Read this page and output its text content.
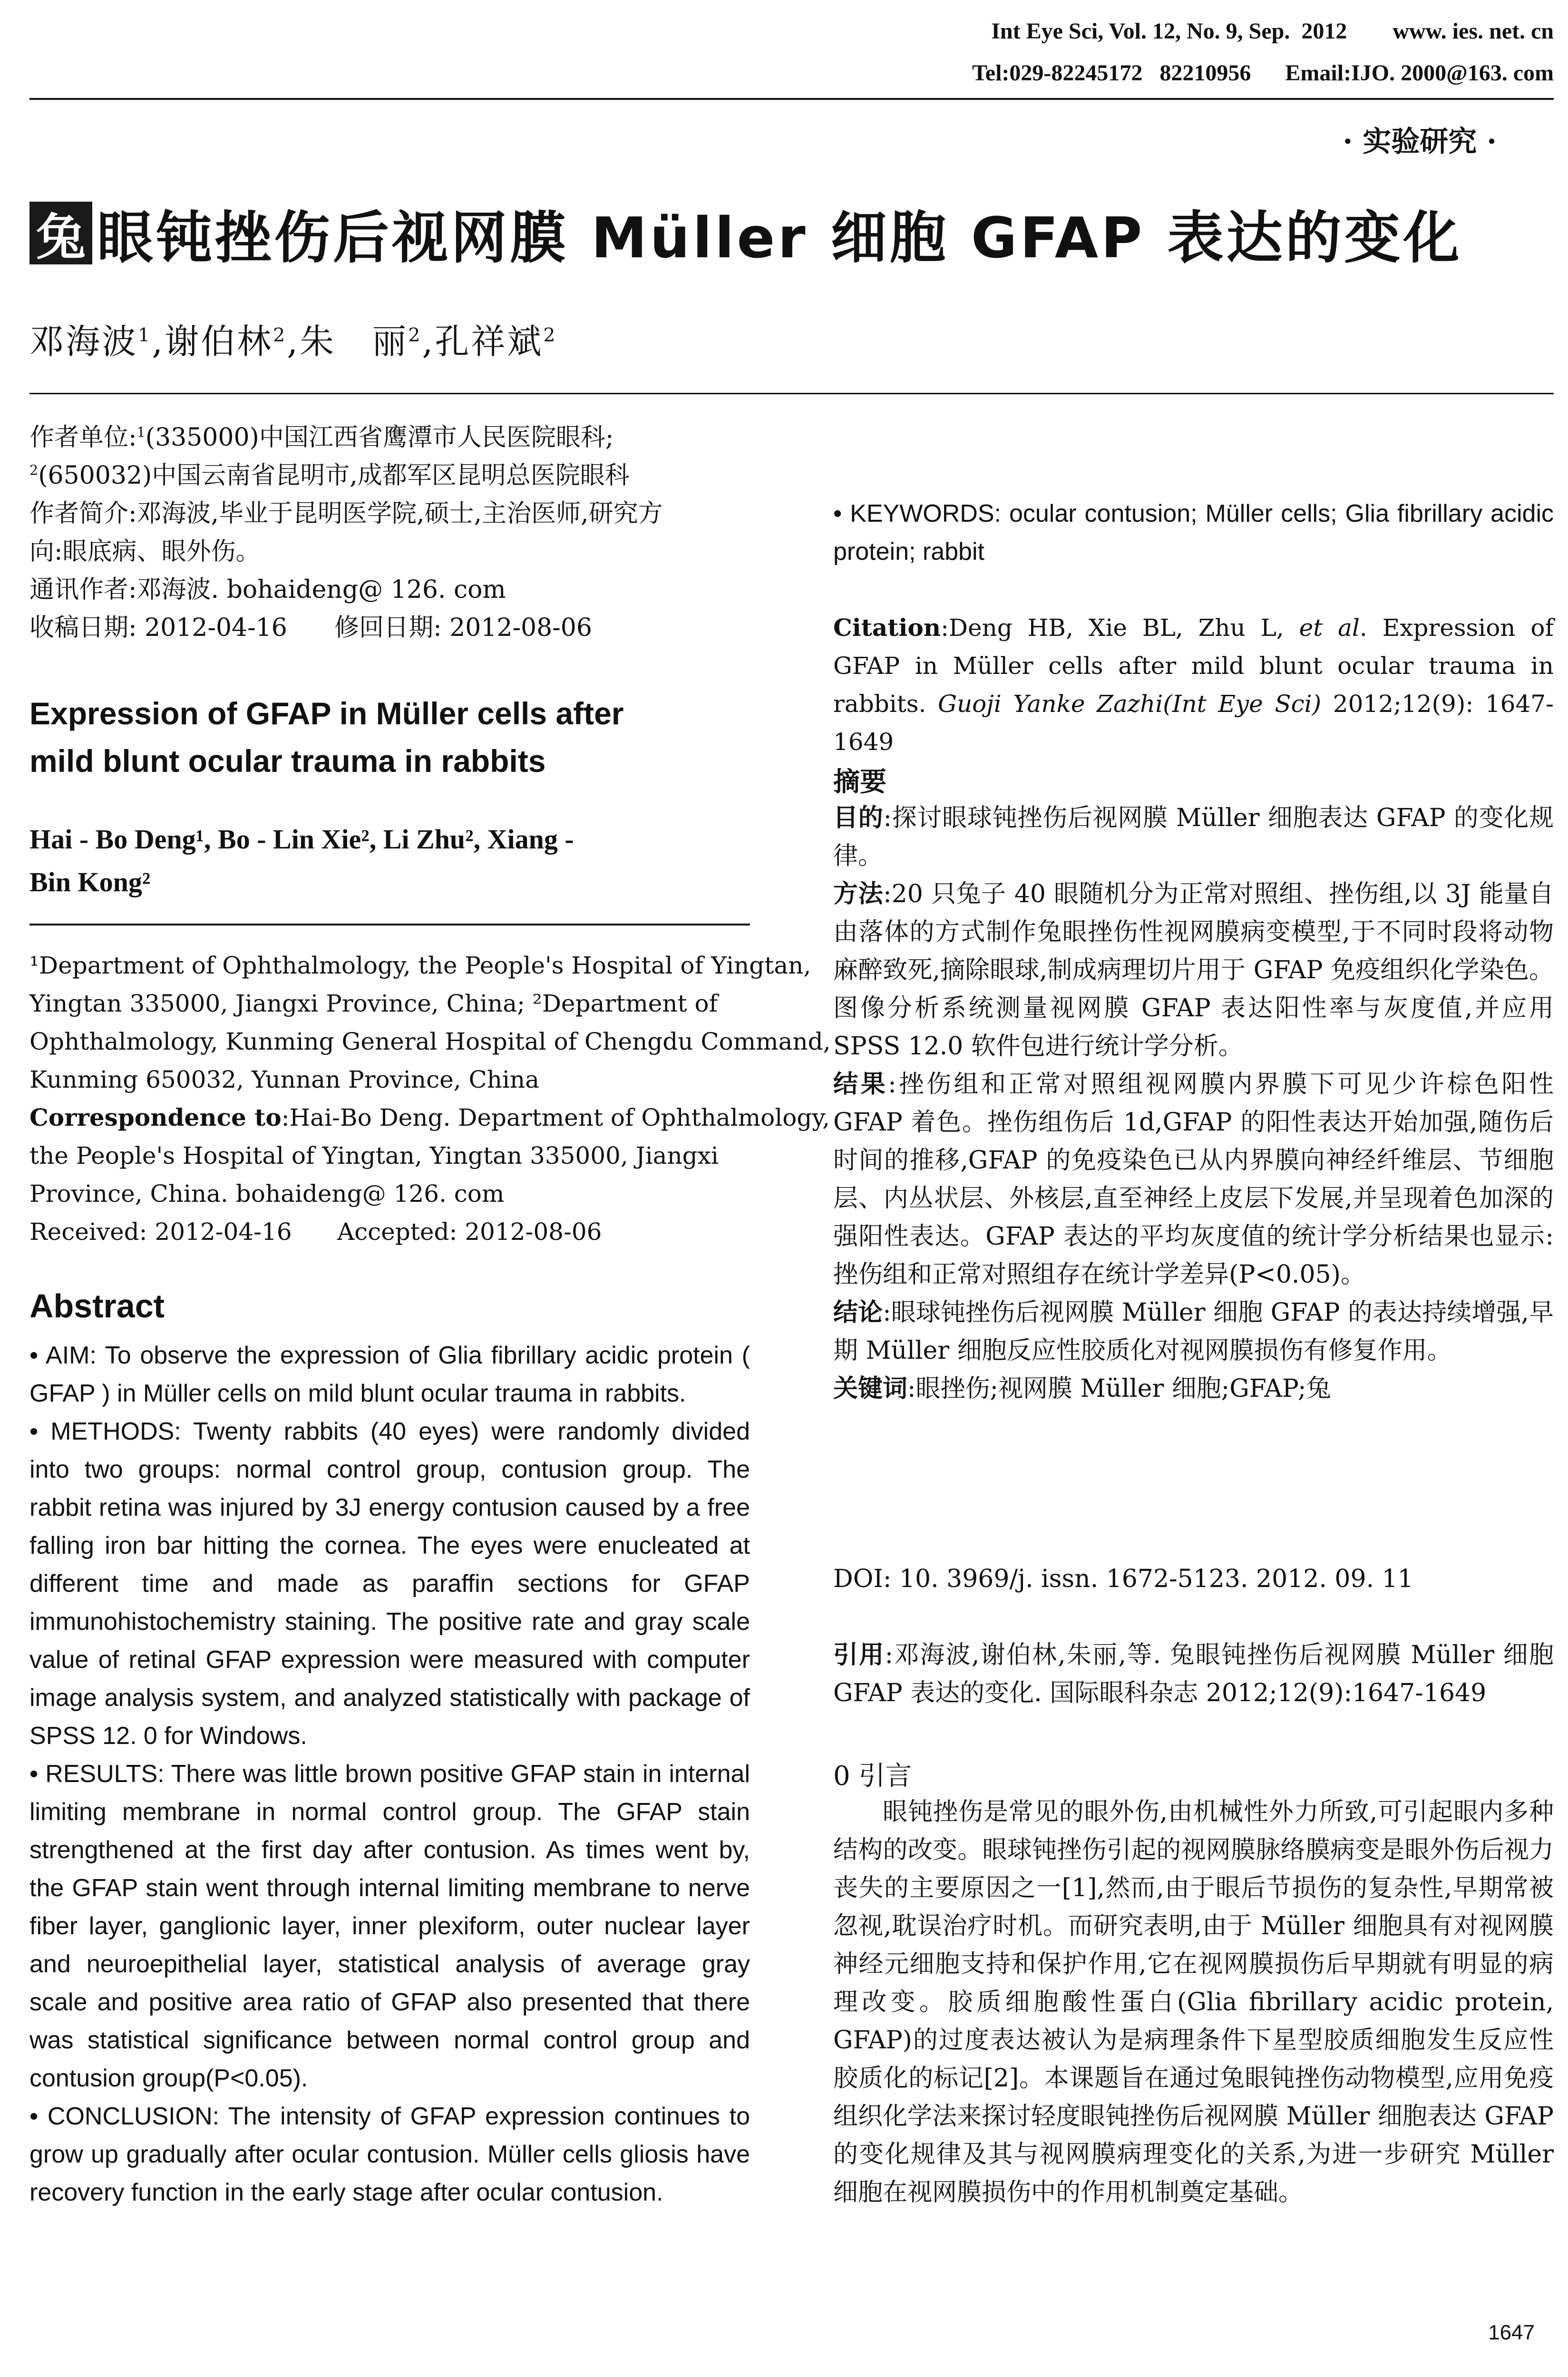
Int Eye Sci, Vol. 12, No. 9, Sep.  2012        www. ies. net. cn
Tel:029-82245172   82210956      Email:IJO. 2000@163. com
· 实验研究 ·
兔 眼钝挫伤后视网膜 Müller 细胞 GFAP 表达的变化
邓海波$^1$,谢伯林$^2$,朱　丽$^2$,孔祥斌$^2$
作者单位:$^1$(335000)中国江西省鹰潭市人民医院眼科;
$^2$(650032)中国云南省昆明市,成都军区昆明总医院眼科
作者简介:邓海波,毕业于昆明医学院,硕士,主治医师,研究方
向:眼底病、眼外伤。
通讯作者:邓海波. bohaideng@ 126. com
收稿日期: 2012-04-16 修回日期: 2012-08-06
Expression of GFAP in Müller cells after
mild blunt ocular trauma in rabbits
Hai - Bo Deng¹, Bo - Lin Xie², Li Zhu², Xiang -
Bin Kong²
¹Department of Ophthalmology, the People's Hospital of Yingtan,
Yingtan 335000, Jiangxi Province, China; ²Department of
Ophthalmology, Kunming General Hospital of Chengdu Command,
Kunming 650032, Yunnan Province, China
Correspondence to:Hai-Bo Deng. Department of Ophthalmology,
the People's Hospital of Yingtan, Yingtan 335000, Jiangxi
Province, China. bohaideng@ 126. com
Received: 2012-04-16 Accepted: 2012-08-06
Abstract

• AIM: To observe the expression of Glia fibrillary acidic protein ( GFAP ) in Müller cells on mild blunt ocular trauma in rabbits.

• METHODS: Twenty rabbits (40 eyes) were randomly divided into two groups: normal control group, contusion group. The rabbit retina was injured by 3J energy contusion caused by a free falling iron bar hitting the cornea. The eyes were enucleated at different time and made as paraffin sections for GFAP immunohistochemistry staining. The positive rate and gray scale value of retinal GFAP expression were measured with computer image analysis system, and analyzed statistically with package of SPSS 12. 0 for Windows.

• RESULTS: There was little brown positive GFAP stain in internal limiting membrane in normal control group. The GFAP stain strengthened at the first day after contusion. As times went by, the GFAP stain went through internal limiting membrane to nerve fiber layer, ganglionic layer, inner plexiform, outer nuclear layer and neuroepithelial layer, statistical analysis of average gray scale and positive area ratio of GFAP also presented that there was statistical significance between normal control group and contusion group(P<0.05).

• CONCLUSION: The intensity of GFAP expression continues to grow up gradually after ocular contusion. Müller cells gliosis have recovery function in the early stage after ocular contusion.

• KEYWORDS: ocular contusion; Müller cells; Glia fibrillary acidic protein; rabbit

Citation:Deng HB, Xie BL, Zhu L, et al. Expression of GFAP in Müller cells after mild blunt ocular trauma in rabbits. Guoji Yanke Zazhi(Int Eye Sci) 2012;12(9): 1647-1649

摘要

目的:探讨眼球钝挫伤后视网膜 Müller 细胞表达 GFAP 的变化规律。

方法:20 只兔子 40 眼随机分为正常对照组、挫伤组,以 3J 能量自由落体的方式制作兔眼挫伤性视网膜病变模型,于不同时段将动物麻醉致死,摘除眼球,制成病理切片用于 GFAP 免疫组织化学染色。图像分析系统测量视网膜 GFAP 表达阳性率与灰度值,并应用 SPSS 12.0 软件包进行统计学分析。

结果:挫伤组和正常对照组视网膜内界膜下可见少许棕色阳性 GFAP 着色。挫伤组伤后 1d,GFAP 的阳性表达开始加强,随伤后时间的推移,GFAP 的免疫染色已从内界膜向神经纤维层、节细胞层、内丛状层、外核层,直至神经上皮层下发展,并呈现着色加深的强阳性表达。GFAP 表达的平均灰度值的统计学分析结果也显示:挫伤组和正常对照组存在统计学差异(P<0.05)。

结论:眼球钝挫伤后视网膜 Müller 细胞 GFAP 的表达持续增强,早期 Müller 细胞反应性胶质化对视网膜损伤有修复作用。

关键词:眼挫伤;视网膜 Müller 细胞;GFAP;兔

DOI: 10. 3969/j. issn. 1672-5123. 2012. 09. 11

引用:邓海波,谢伯林,朱丽,等. 兔眼钝挫伤后视网膜 Müller 细胞 GFAP 表达的变化. 国际眼科杂志 2012;12(9):1647-1649

0 引言

眼钝挫伤是常见的眼外伤,由机械性外力所致,可引起眼内多种结构的改变。眼球钝挫伤引起的视网膜脉络膜病变是眼外伤后视力丧失的主要原因之一[1],然而,由于眼后节损伤的复杂性,早期常被忽视,耽误治疗时机。而研究表明,由于 Müller 细胞具有对视网膜神经元细胞支持和保护作用,它在视网膜损伤后早期就有明显的病理改变。胶质细胞酸性蛋白(Glia fibrillary acidic protein, GFAP)的过度表达被认为是病理条件下星型胶质细胞发生反应性胶质化的标记[2]。本课题旨在通过兔眼钝挫伤动物模型,应用免疫组织化学法来探讨轻度眼钝挫伤后视网膜 Müller 细胞表达 GFAP 的变化规律及其与视网膜病理变化的关系,为进一步研究 Müller 细胞在视网膜损伤中的作用机制奠定基础。

1647
